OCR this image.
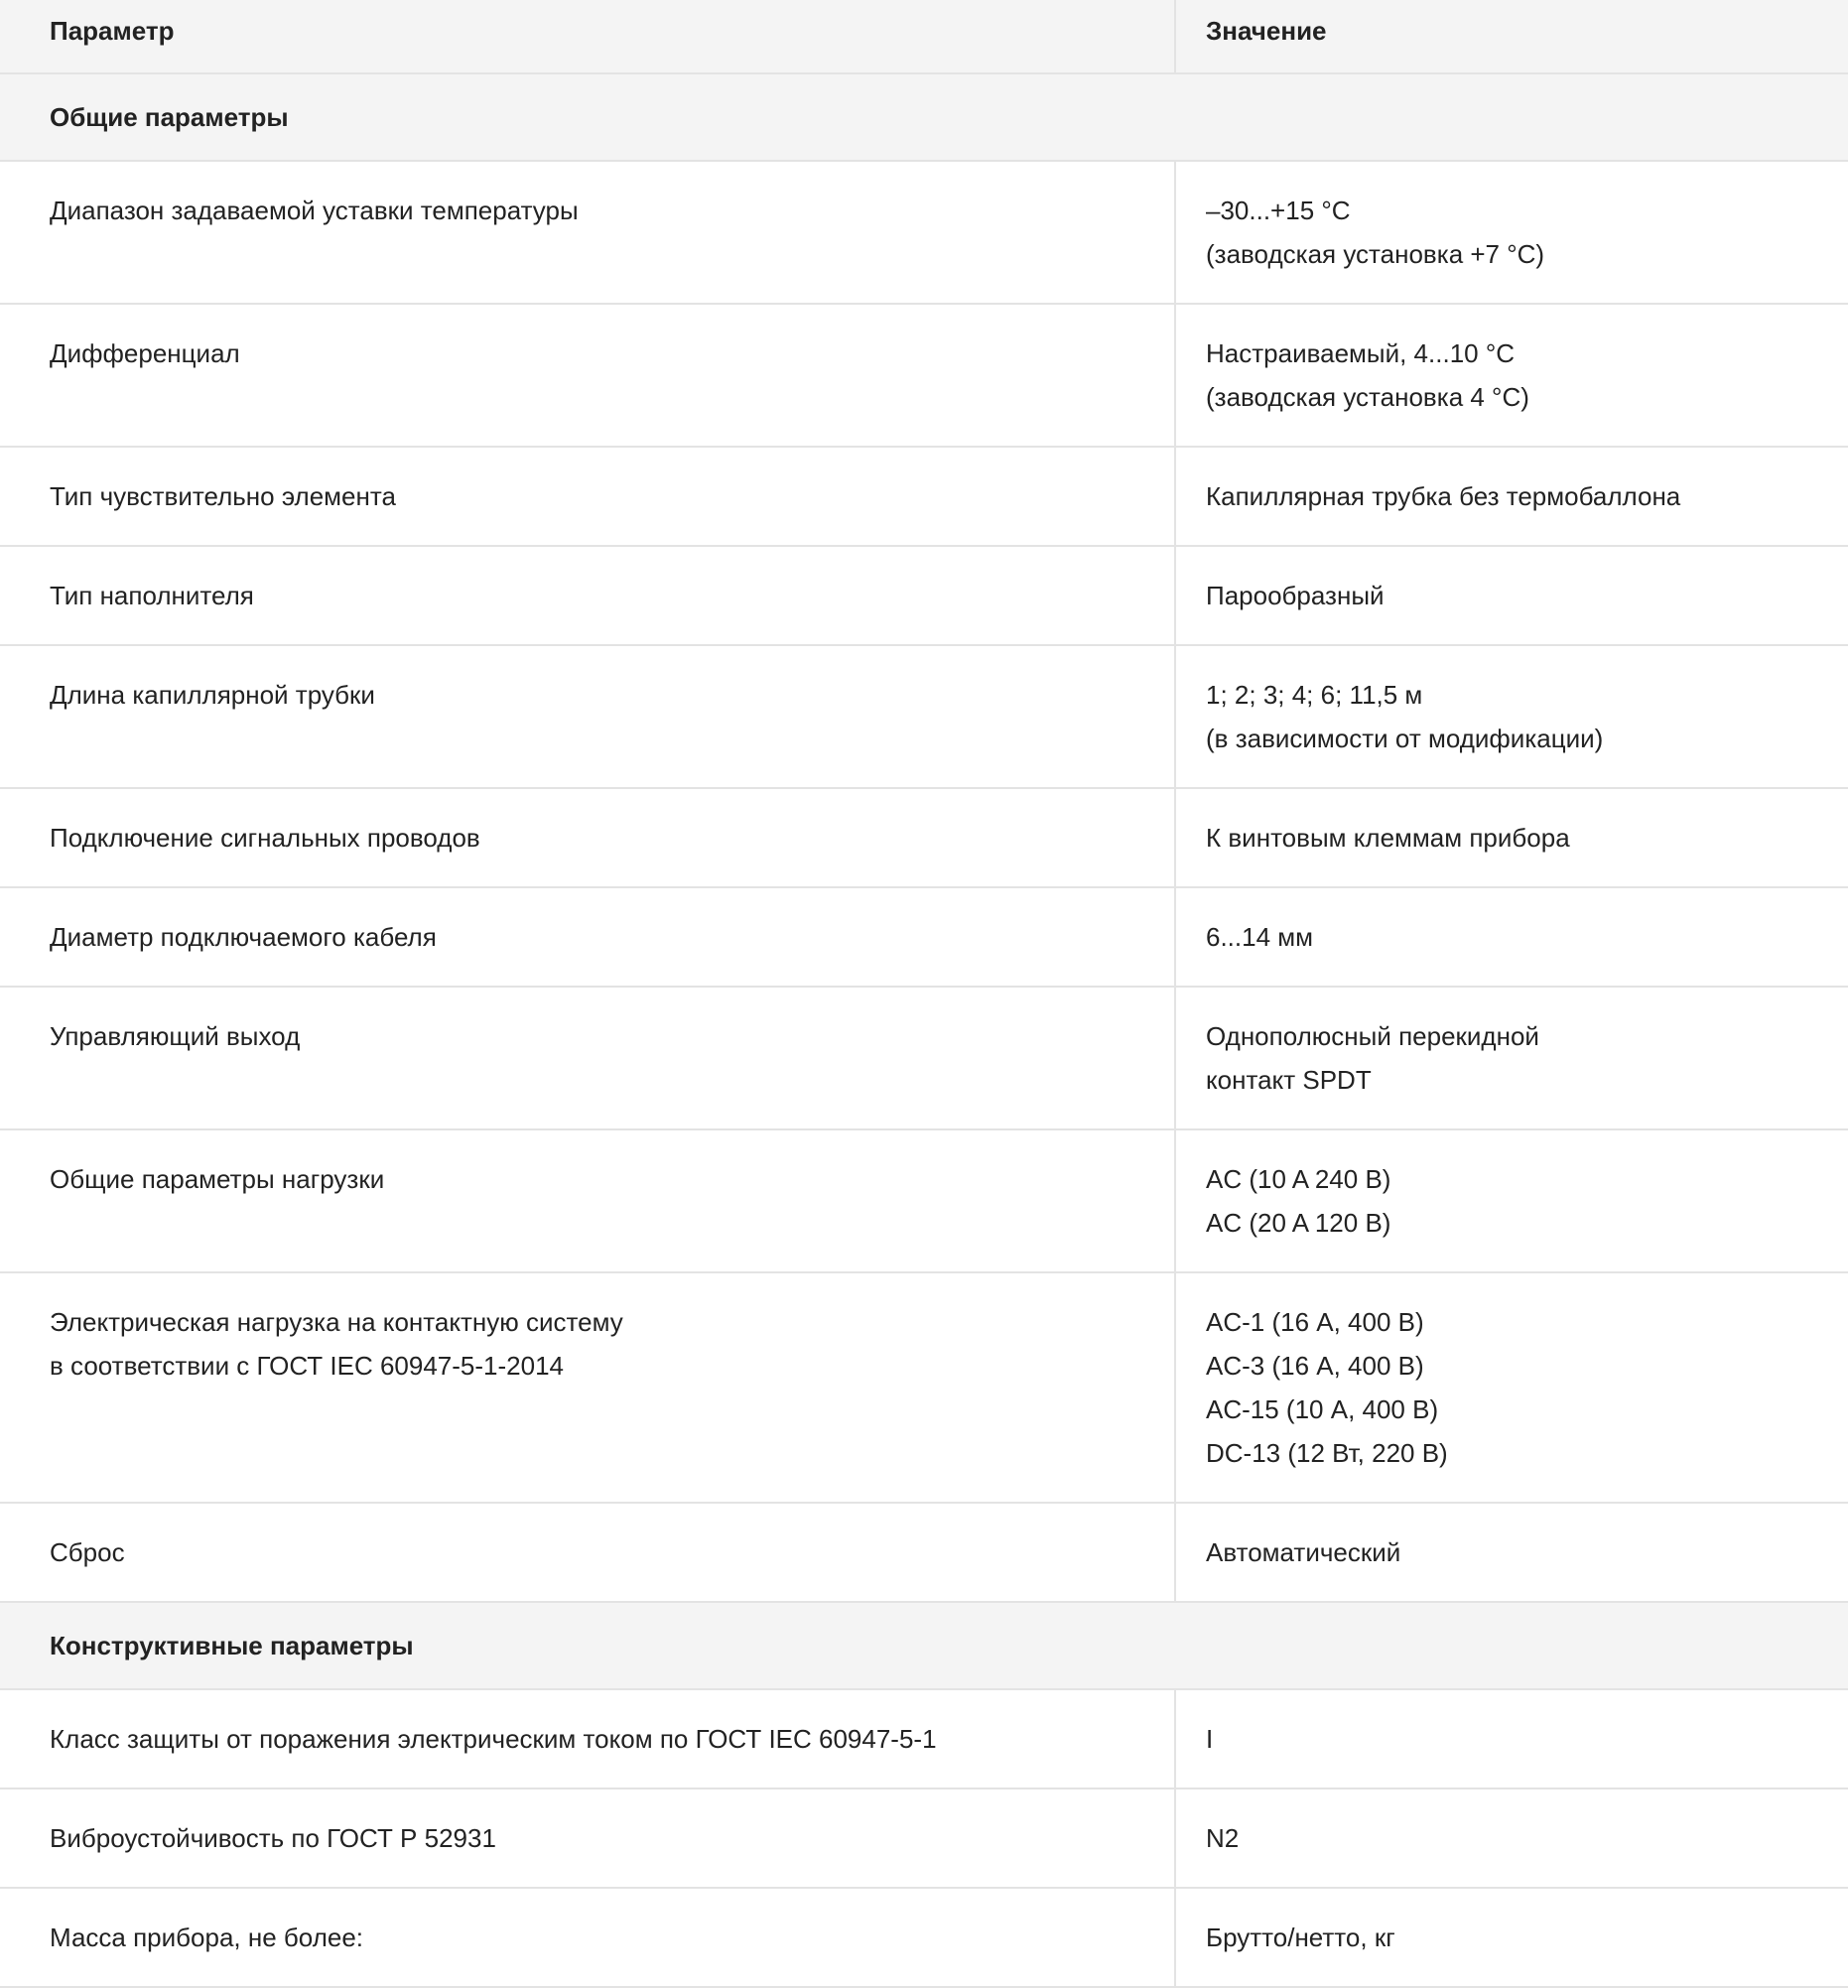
Параметр	Значение
Общие параметры	

Диапазон задаваемой уставки температуры	–30...+15 °C
(заводская установка +7 °C)

Дифференциал	Настраиваемый, 4...10 °C
(заводская установка 4 °C)

Тип чувствительно элемента	Капиллярная трубка без термобаллона

Тип наполнителя	Парообразный

Длина капиллярной трубки	1; 2; 3; 4; 6; 11,5 м
(в зависимости от модификации)

Подключение сигнальных проводов	К винтовым клеммам прибора

Диаметр подключаемого кабеля	6...14 мм

Управляющий выход	Однополюсный перекидной
контакт SPDT

Общие параметры нагрузки	AC (10 A 240 B)
AC (20 A 120 B)

Электрическая нагрузка на контактную систему
в соответствии с ГОСТ IEC 60947-5-1-2014	AC-1 (16 А, 400 В)
AC-3 (16 А, 400 В)
AC-15 (10 А, 400 В)
DC-13 (12 Вт, 220 В)

Сброс	Автоматический

Конструктивные параметры	

Класс защиты от поражения электрическим током по ГОСТ IEC 60947-5-1	I

Виброустойчивость по ГОСТ Р 52931	N2

Масса прибора, не более:	Брутто/нетто, кг
